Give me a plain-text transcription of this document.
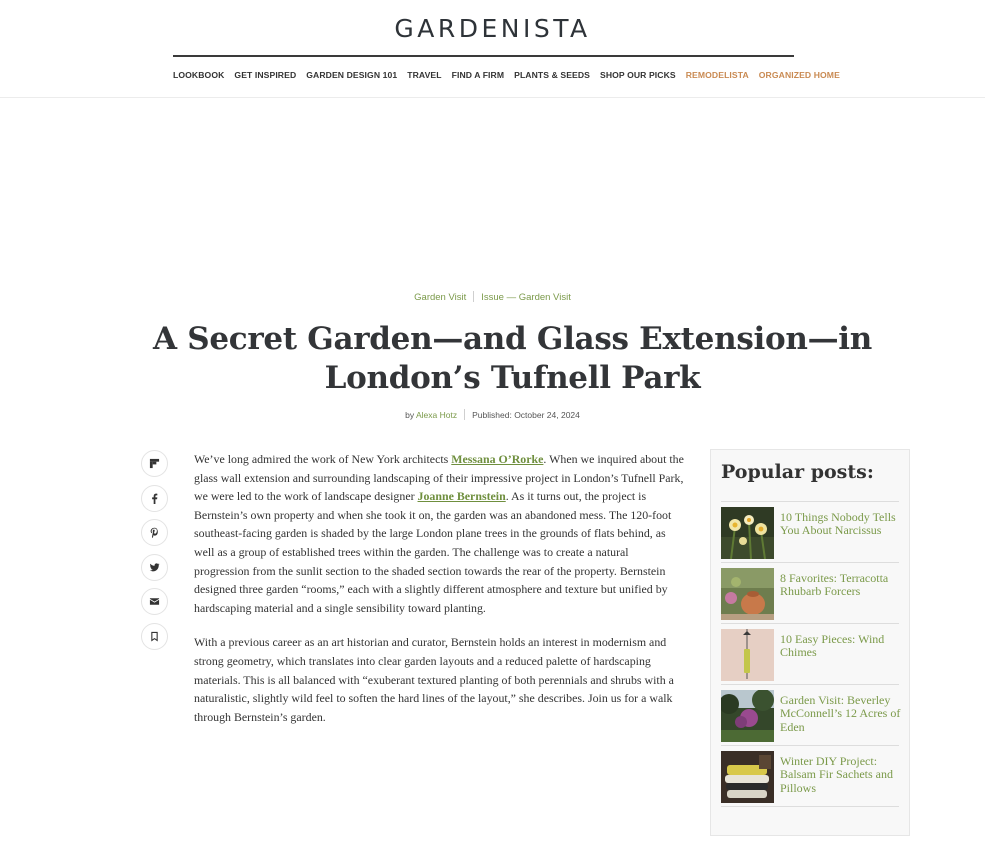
GARDENISTA
LOOKBOOK GET INSPIRED GARDEN DESIGN 101 TRAVEL FIND A FIRM PLANTS & SEEDS SHOP OUR PICKS REMODELISTA ORGANIZED HOME
Garden Visit Issue — Garden Visit
A Secret Garden—and Glass Extension—in London’s Tufnell Park
by Alexa Hotz Published: October 24, 2024

We’ve long admired the work of New York architects Messana O’Rorke. When we inquired about the glass wall extension and surrounding landscaping of their impressive project in London’s Tufnell Park, we were led to the work of landscape designer Joanne Bernstein. As it turns out, the project is Bernstein’s own property and when she took it on, the garden was an abandoned mess. The 120-foot southeast-facing garden is shaded by the large London plane trees in the grounds of flats behind, as well as a group of established trees within the garden. The challenge was to create a natural progression from the sunlit section to the shaded section towards the rear of the property. Bernstein designed three garden “rooms,” each with a slightly different atmosphere and texture but unified by hardscaping material and a single sensibility toward planting.

With a previous career as an art historian and curator, Bernstein holds an interest in modernism and strong geometry, which translates into clear garden layouts and a reduced palette of hardscaping materials. This is all balanced with “exuberant textured planting of both perennials and shrubs with a naturalistic, slightly wild feel to soften the hard lines of the layout,” she describes. Join us for a walk through Bernstein’s garden.

Popular posts:
10 Things Nobody Tells You About Narcissus
8 Favorites: Terracotta Rhubarb Forcers
10 Easy Pieces: Wind Chimes
Garden Visit: Beverley McConnell’s 12 Acres of Eden
Winter DIY Project: Balsam Fir Sachets and Pillows
